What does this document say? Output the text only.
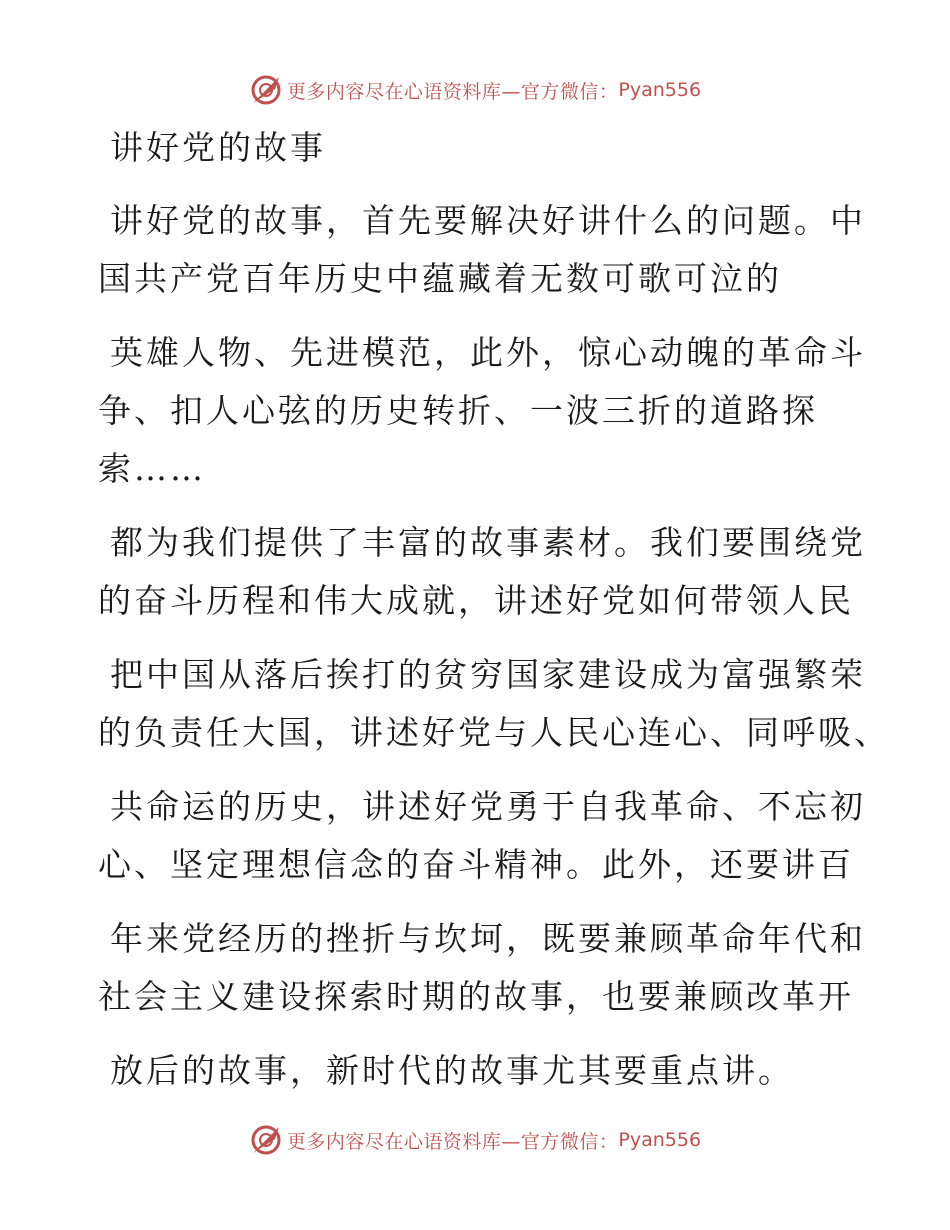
更多内容尽在心语资料库—官方微信： Pyan556
讲好党的故事
讲好党的故事，首先要解决好讲什么的问题。中
国共产党百年历史中蕴藏着无数可歌可泣的
英雄人物、先进模范，此外，惊心动魄的革命斗
争、扣人心弦的历史转折、一波三折的道路探
索……
都为我们提供了丰富的故事素材。我们要围绕党
的奋斗历程和伟大成就，讲述好党如何带领人民
把中国从落后挨打的贫穷国家建设成为富强繁荣
的负责任大国，讲述好党与人民心连心、同呼吸、
共命运的历史，讲述好党勇于自我革命、不忘初
心、坚定理想信念的奋斗精神。此外，还要讲百
年来党经历的挫折与坎坷，既要兼顾革命年代和
社会主义建设探索时期的故事，也要兼顾改革开
放后的故事，新时代的故事尤其要重点讲。
更多内容尽在心语资料库—官方微信： Pyan556
